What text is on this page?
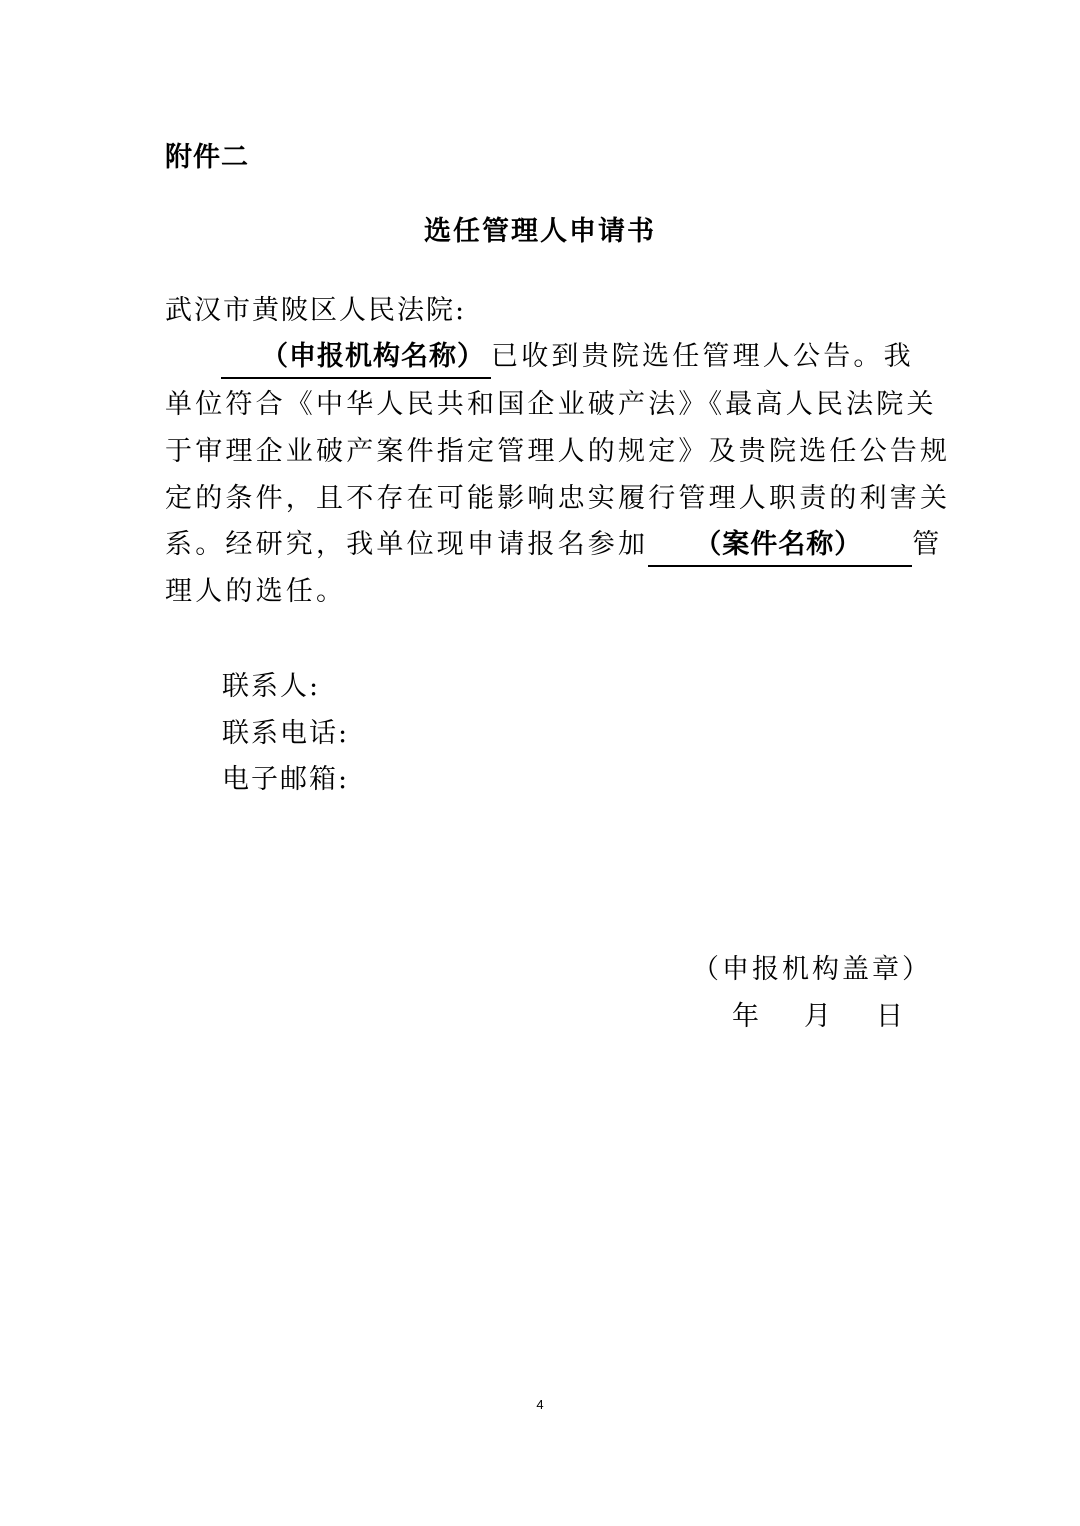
附件二
选任管理人申请书
武汉市黄陂区人民法院:
（申报机构名称） 已收到贵院选任管理人公告。我
单位符合《中华人民共和国企业破产法》《最高人民法院关
于审理企业破产案件指定管理人的规定》及贵院选任公告规
定的条件，且不存在可能影响忠实履行管理人职责的利害关
系。经研究，我单位现申请报名参加 （案件名称） 管
理人的选任。
联系人:
联系电话:
电子邮箱:
（申报机构盖章）
年 月 日
4
